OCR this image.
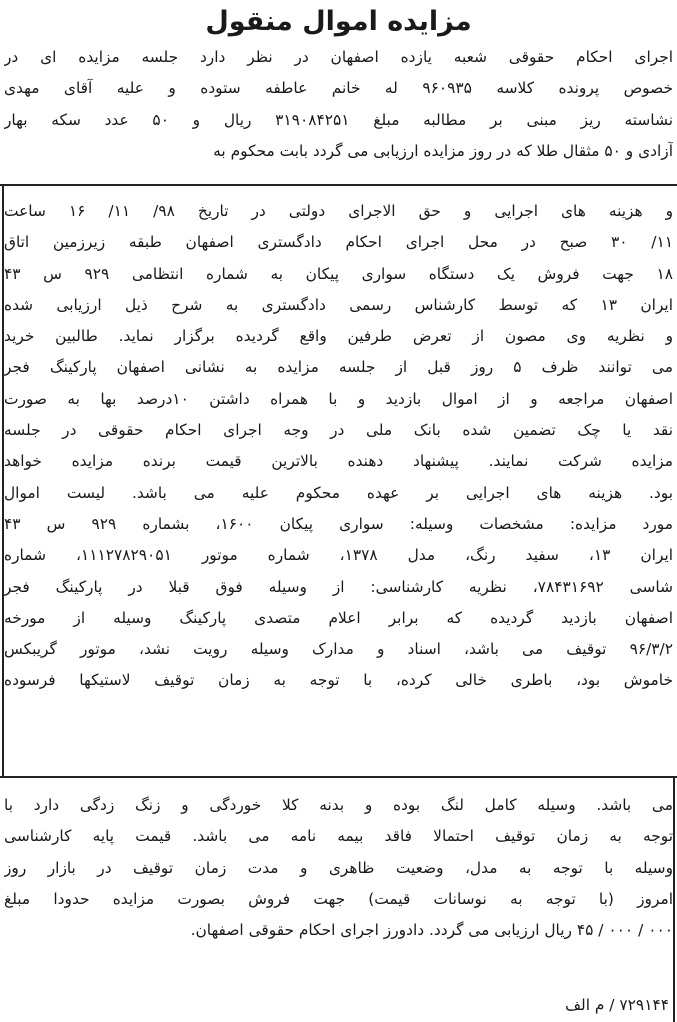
مزایده اموال منقول
اجرای احکام حقوقی شعبه یازده اصفهان در نظر دارد جلسه مزایده ای در
خصوص پرونده کلاسه ۹۶۰۹۳۵ له خانم عاطفه ستوده و علیه آقای مهدی
نشاسته ریز مبنی بر مطالبه مبلغ ۳۱۹۰۸۴۲۵۱ ریال و ۵۰ عدد سکه بهار
آزادی و ۵۰ مثقال طلا که در روز مزایده ارزیابی می گردد بابت محکوم به
و هزینه های اجرایی و حق الاجرای دولتی در تاریخ ۹۸/ ۱۱/ ۱۶ ساعت
۱۱/ ۳۰ صبح در محل اجرای احکام دادگستری اصفهان طبقه زیرزمین اتاق
۱۸ جهت فروش یک دستگاه سواری پیکان به شماره انتظامی ۹۲۹ س ۴۳
ایران ۱۳ که توسط کارشناس رسمی دادگستری به شرح ذیل ارزیابی شده
و نظریه وی مصون از تعرض طرفین واقع گردیده برگزار نماید. طالبین خرید
می توانند ظرف ۵ روز قبل از جلسه مزایده به نشانی اصفهان پارکینگ فجر
اصفهان مراجعه و از اموال بازدید و با همراه داشتن ۱۰درصد بها به صورت
نقد یا چک تضمین شده بانک ملی در وجه اجرای احکام حقوقی در جلسه
مزایده شرکت نمایند. پیشنهاد دهنده بالاترین قیمت برنده مزایده خواهد
بود. هزینه های اجرایی بر عهده محکوم علیه می باشد. لیست اموال
مورد مزایده: مشخصات وسیله: سواری پیکان ۱۶۰۰، بشماره ۹۲۹ س ۴۳
ایران ۱۳، سفید رنگ، مدل ۱۳۷۸، شماره موتور ۱۱۱۲۷۸۲۹۰۵۱، شماره
شاسی ۷۸۴۳۱۶۹۲، نظریه کارشناسی: از وسیله فوق قبلا در پارکینگ فجر
اصفهان بازدید گردیده که برابر اعلام متصدی پارکینگ وسیله از مورخه
۹۶/۳/۲ توقیف می باشد، اسناد و مدارک وسیله رویت نشد، موتور گریبکس
خاموش بود، باطری خالی کرده، با توجه به زمان توقیف لاستیکها فرسوده
می باشد. وسیله کامل لنگ بوده و بدنه کلا خوردگی و زنگ زدگی دارد با
توجه به زمان توقیف احتمالا فاقد بیمه نامه می باشد. قیمت پایه کارشناسی
وسیله با توجه به مدل، وضعیت ظاهری و مدت زمان توقیف در بازار روز
امروز (با توجه به نوسانات قیمت) جهت فروش بصورت مزایده حدودا مبلغ
۰۰۰ / ۰۰۰ / ۴۵ ریال ارزیابی می گردد. دادورز اجرای احکام حقوقی اصفهان.
۷۲۹۱۴۴ / م الف
